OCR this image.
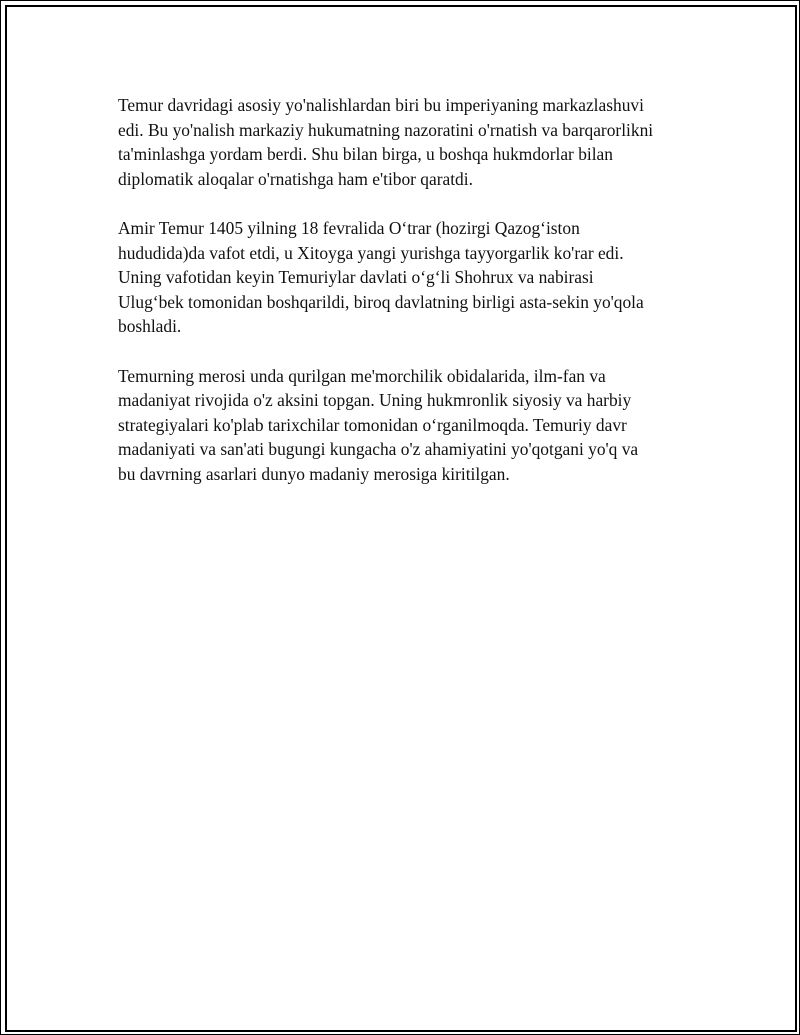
Temur davridagi asosiy yo'nalishlardan biri bu imperiyaning markazlashuvi
edi. Bu yo'nalish markaziy hukumatning nazoratini o'rnatish va barqarorlikni
ta'minlashga yordam berdi. Shu bilan birga, u boshqa hukmdorlar bilan
diplomatik aloqalar o'rnatishga ham e'tibor qaratdi.

Amir Temur 1405 yilning 18 fevralida O‘trar (hozirgi Qazog‘iston
hududida)da vafot etdi, u Xitoyga yangi yurishga tayyorgarlik ko'rar edi.
Uning vafotidan keyin Temuriylar davlati o‘g‘li Shohrux va nabirasi
Ulug‘bek tomonidan boshqarildi, biroq davlatning birligi asta-sekin yo'qola
boshladi.

Temurning merosi unda qurilgan me'morchilik obidalarida, ilm-fan va
madaniyat rivojida o'z aksini topgan. Uning hukmronlik siyosiy va harbiy
strategiyalari ko'plab tarixchilar tomonidan o‘rganilmoqda. Temuriy davr
madaniyati va san'ati bugungi kungacha o'z ahamiyatini yo'qotgani yo'q va
bu davrning asarlari dunyo madaniy merosiga kiritilgan.
